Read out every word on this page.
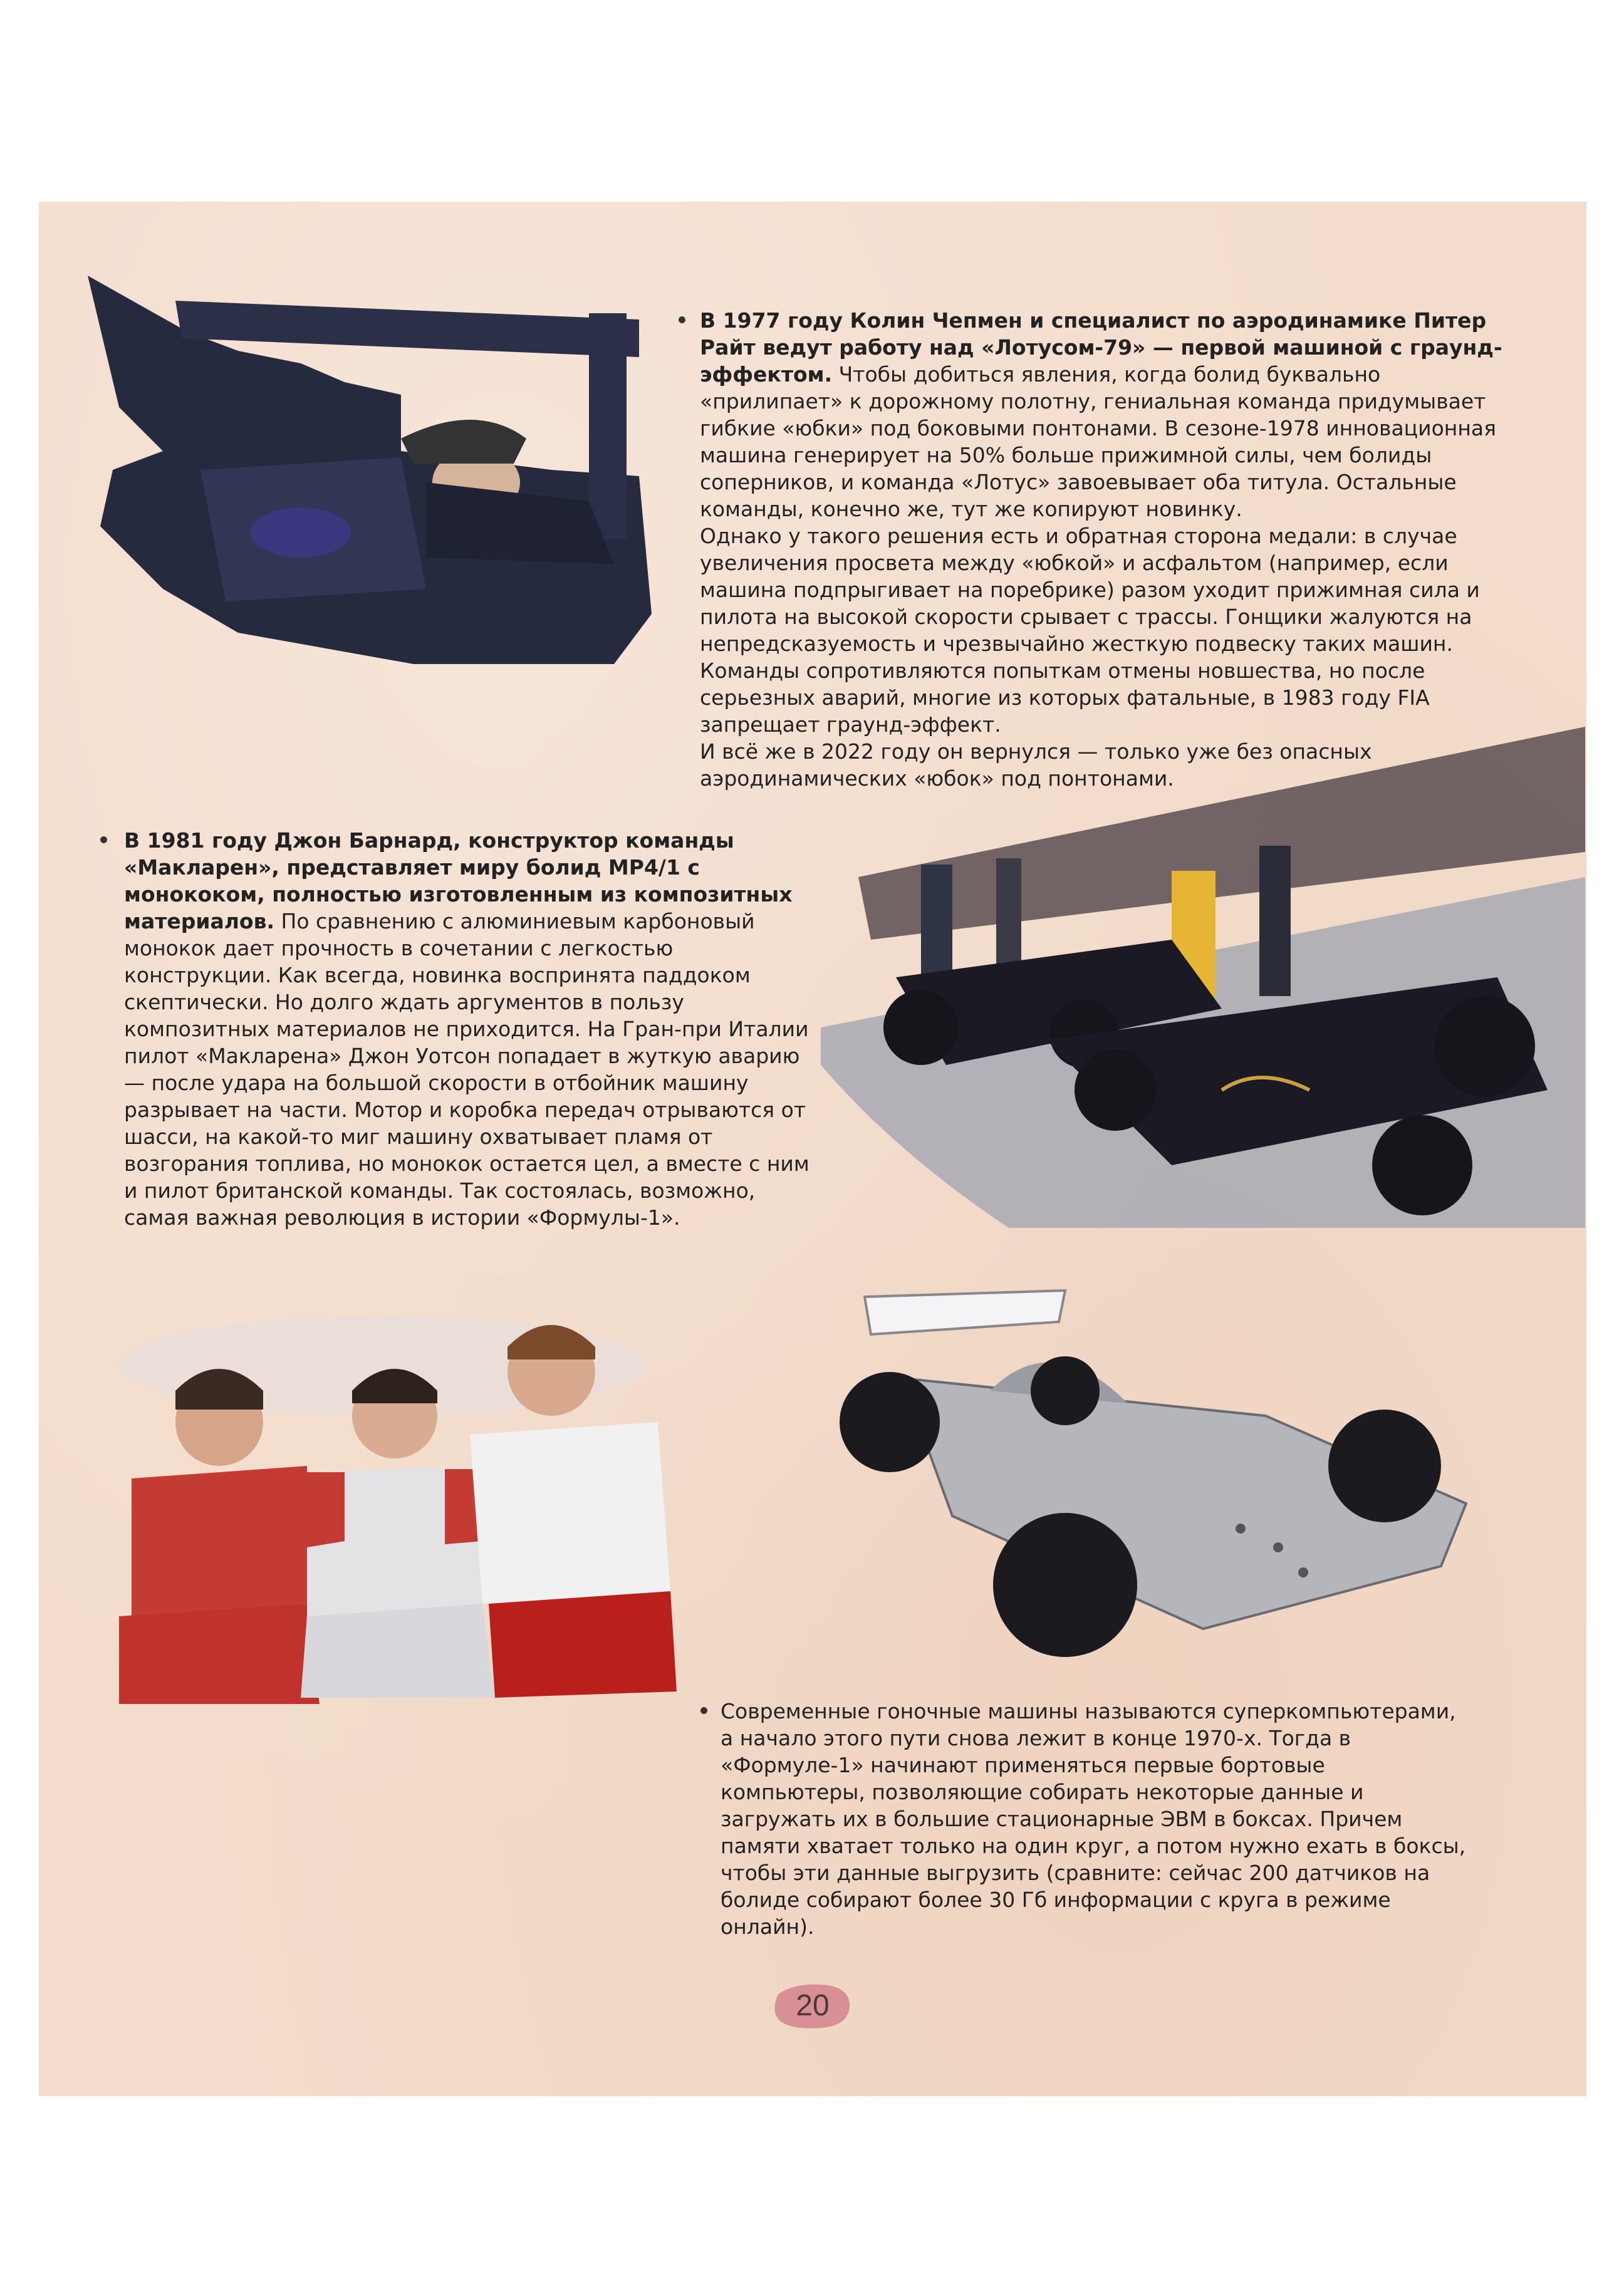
В 1977 году Колин Чепмен и специалист по аэродинамике Питер Райт ведут работу над «Лотусом-79» — первой машиной с граунд-эффектом. Чтобы добиться явления, когда болид буквально «прилипает» к дорожному полотну, гениальная команда придумывает гибкие «юбки» под боковыми понтонами. В сезоне-1978 инновационная машина генерирует на 50% больше прижимной силы, чем болиды соперников, и команда «Лотус» завоевывает оба титула. Остальные команды, конечно же, тут же копируют новинку.

Однако у такого решения есть и обратная сторона медали: в случае увеличения просвета между «юбкой» и асфальтом (например, если машина подпрыгивает на поребрике) разом уходит прижимная сила и пилота на высокой скорости срывает с трассы. Гонщики жалуются на непредсказуемость и чрезвычайно жесткую подвеску таких машин. Команды сопротивляются попыткам отмены новшества, но после серьезных аварий, многие из которых фатальные, в 1983 году FIA запрещает граунд-эффект.

И всё же в 2022 году он вернулся — только уже без опасных аэродинамических «юбок» под понтонами.

В 1981 году Джон Барнард, конструктор команды «Макларен», представляет миру болид MP4/1 с монококом, полностью изготовленным из композитных материалов. По сравнению с алюминиевым карбоновый монокок дает прочность в сочетании с легкостью конструкции. Как всегда, новинка воспринята паддоком скептически. Но долго ждать аргументов в пользу композитных материалов не приходится. На Гран-при Италии пилот «Макларена» Джон Уотсон попадает в жуткую аварию — после удара на большой скорости в отбойник машину разрывает на части. Мотор и коробка передач отрываются от шасси, на какой-то миг машину охватывает пламя от возгорания топлива, но монокок остается цел, а вместе с ним и пилот британской команды. Так состоялась, возможно, самая важная революция в истории «Формулы-1».

Современные гоночные машины называются суперкомпьютерами, а начало этого пути снова лежит в конце 1970-х. Тогда в «Формуле-1» начинают применяться первые бортовые компьютеры, позволяющие собирать некоторые данные и загружать их в большие стационарные ЭВМ в боксах. Причем памяти хватает только на один круг, а потом нужно ехать в боксы, чтобы эти данные выгрузить (сравните: сейчас 200 датчиков на болиде собирают более 30 Гб информации с круга в режиме онлайн).

20
